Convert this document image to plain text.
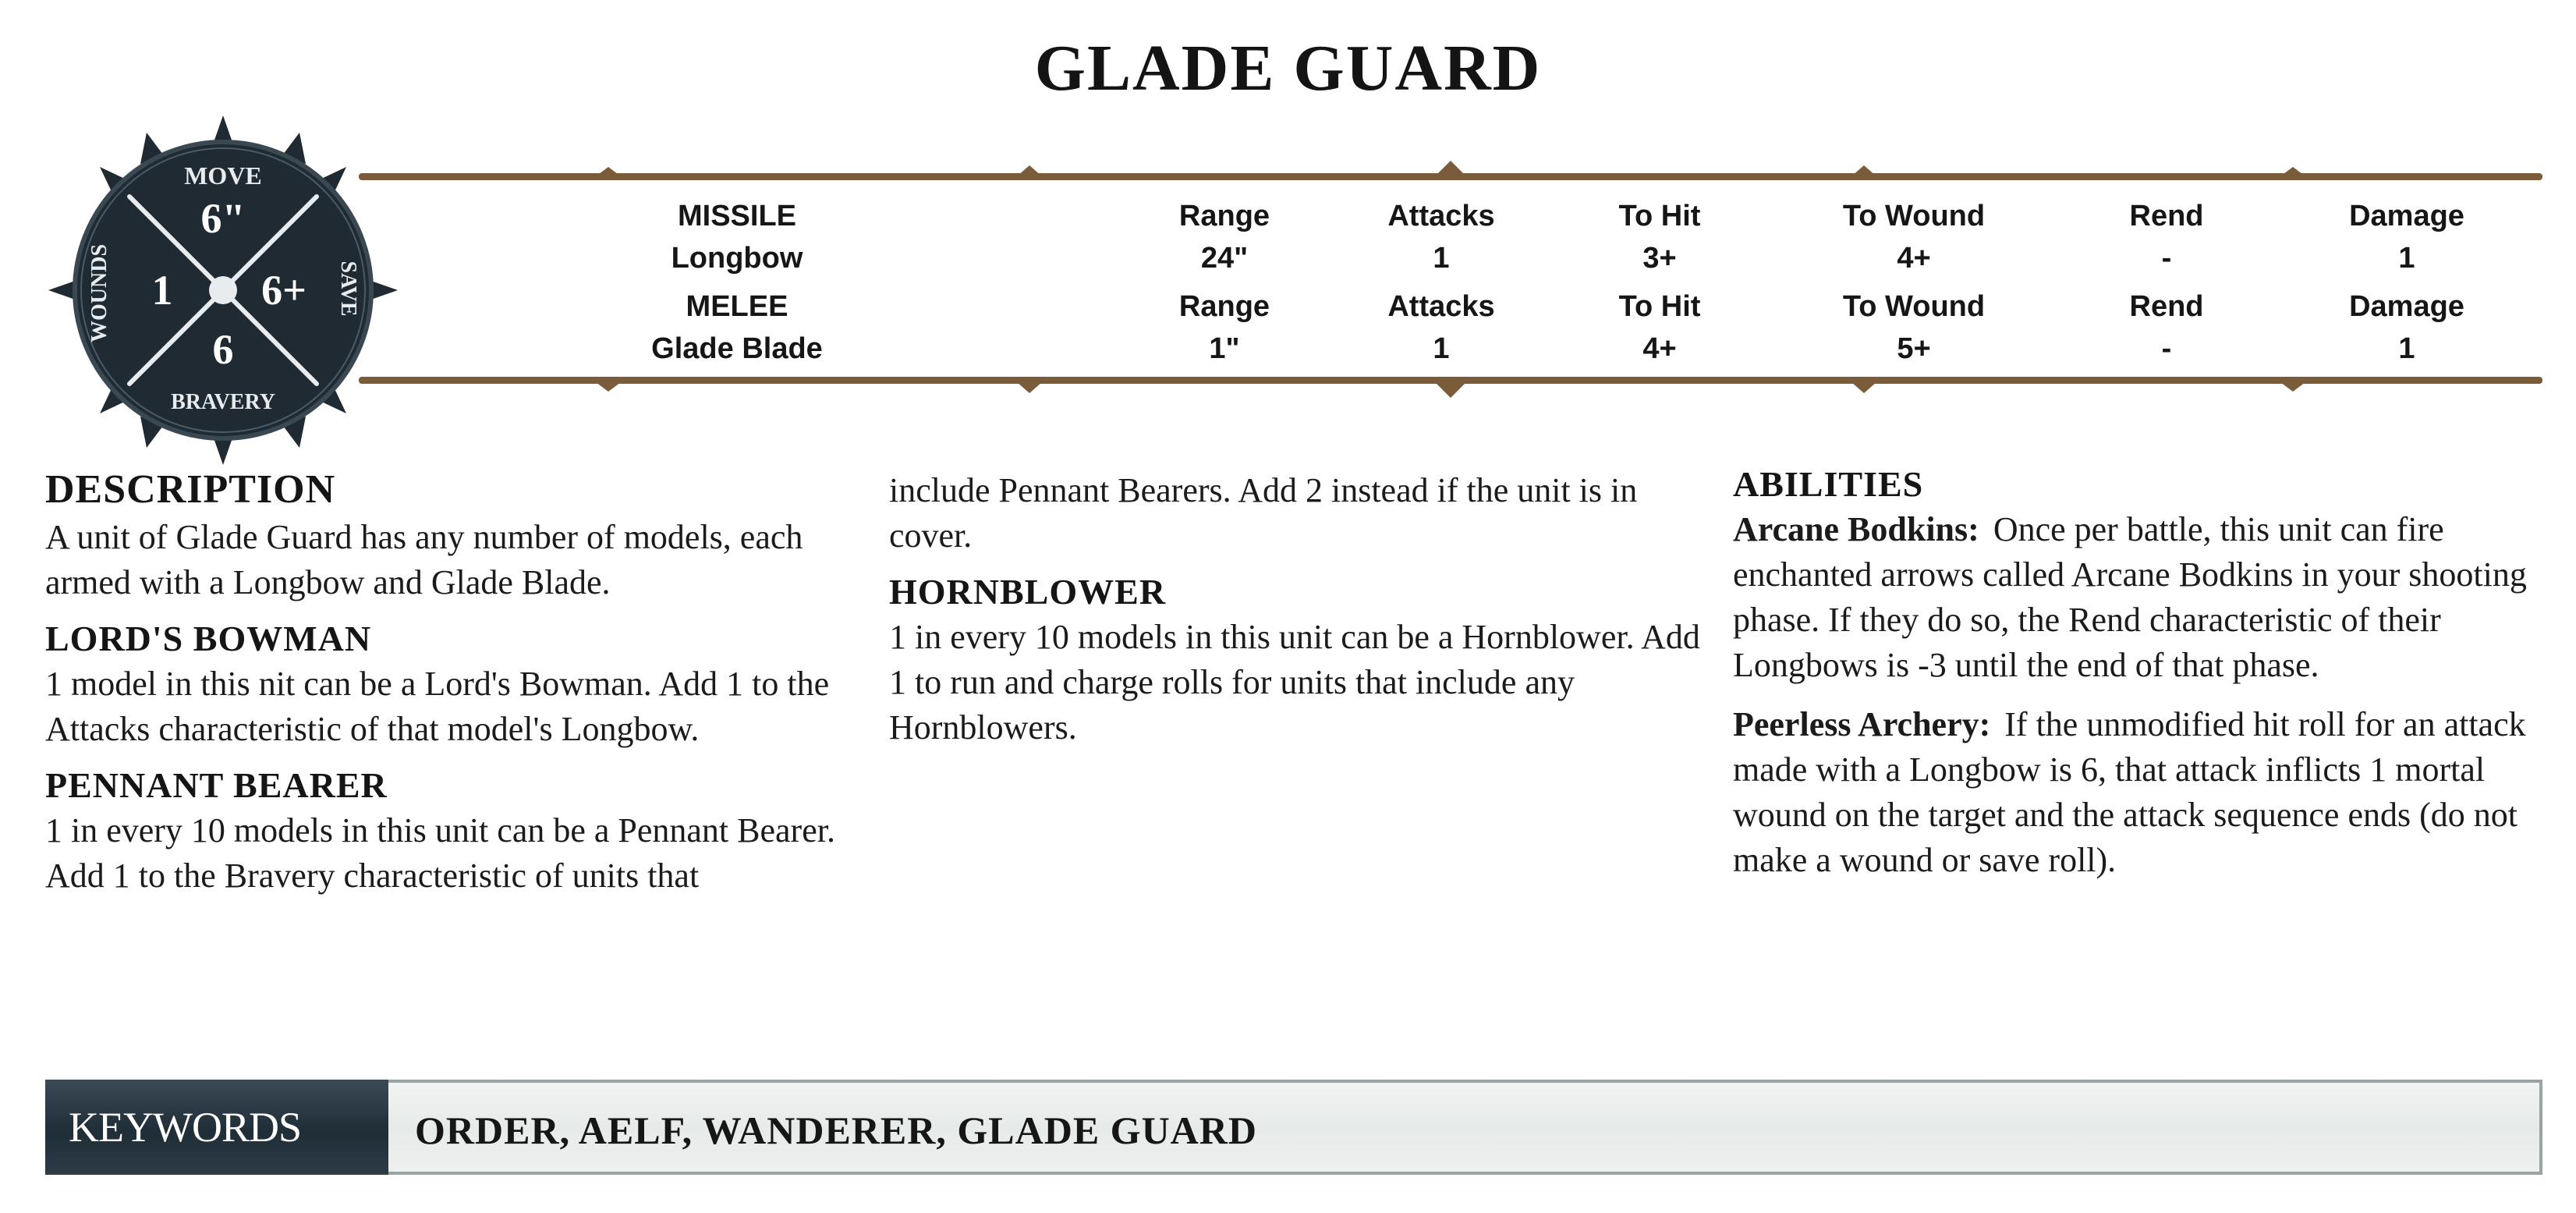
GLADE GUARD
MOVE
6"
1 6+
6
BRAVERY
WOUNDS	SAVE
MISSILE	Range	Attacks	To Hit	To Wound	Rend	Damage
Longbow	24"	1	3+	4+	-	1
MELEE	Range	Attacks	To Hit	To Wound	Rend	Damage
Glade Blade	1"	1	4+	5+	-	1
DESCRIPTION

A unit of Glade Guard has any number of models, each armed with a Longbow and Glade Blade.

LORD'S BOWMAN

1 model in this nit can be a Lord's Bowman. Add 1 to the Attacks characteristic of that model's Longbow.

PENNANT BEARER

1 in every 10 models in this unit can be a Pennant Bearer. Add 1 to the Bravery characteristic of units that

include Pennant Bearers. Add 2 instead if the unit is in cover.

HORNBLOWER

1 in every 10 models in this unit can be a Hornblower. Add 1 to run and charge rolls for units that include any Hornblowers.

ABILITIES

Arcane Bodkins: Once per battle, this unit can fire enchanted arrows called Arcane Bodkins in your shooting phase. If they do so, the Rend characteristic of their Longbows is -3 until the end of that phase.

Peerless Archery: If the unmodified hit roll for an attack made with a Longbow is 6, that attack inflicts 1 mortal wound on the target and the attack sequence ends (do not make a wound or save roll).

KEYWORDS	ORDER, AELF, WANDERER, GLADE GUARD
